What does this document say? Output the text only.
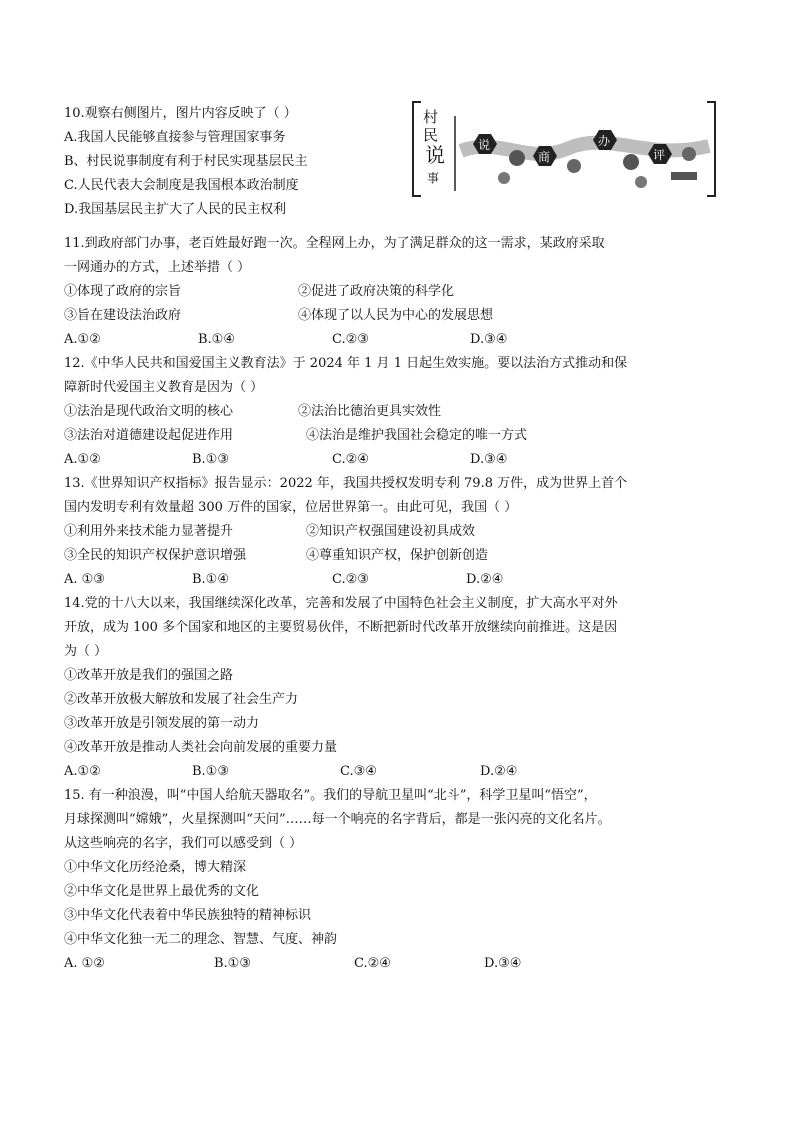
10.观察右侧图片，图片内容反映了（ ）
A.我国人民能够直接参与管理国家事务
B、村民说事制度有利于村民实现基层民主
C.人民代表大会制度是我国根本政治制度
D.我国基层民主扩大了人民的民主权利
村
民
说
事
说
商
办
评
11.到政府部门办事，老百姓最好跑一次。全程网上办，为了满足群众的这一需求，某政府采取
一网通办的方式，上述举措（ ）
①体现了政府的宗旨	②促进了政府决策的科学化
③旨在建设法治政府	④体现了以人民为中心的发展思想
A.①②	B.①④	C.②③	D.③④
12.《中华人民共和国爱国主义教育法》于 2024 年 1 月 1 日起生效实施。要以法治方式推动和保
障新时代爱国主义教育是因为（ ）
①法治是现代政治文明的核心	②法治比德治更具实效性
③法治对道德建设起促进作用	④法治是维护我国社会稳定的唯一方式
A.①②	B.①③	C.②④	D.③④
13.《世界知识产权指标》报告显示：2022 年，我国共授权发明专利 79.8 万件，成为世界上首个
国内发明专利有效量超 300 万件的国家，位居世界第一。由此可见，我国（ ）
①利用外来技术能力显著提升	②知识产权强国建设初具成效
③全民的知识产权保护意识增强	④尊重知识产权，保护创新创造
A. ①③	B.①④	C.②③	D.②④
14.党的十八大以来，我国继续深化改革，完善和发展了中国特色社会主义制度，扩大高水平对外
开放，成为 100 多个国家和地区的主要贸易伙伴，不断把新时代改革开放继续向前推进。这是因
为（ ）
①改革开放是我们的强国之路
②改革开放极大解放和发展了社会生产力
③改革开放是引领发展的第一动力
④改革开放是推动人类社会向前发展的重要力量
A.①②	B.①③	C.③④	D.②④
15. 有一种浪漫，叫“中国人给航天器取名”。我们的导航卫星叫“北斗”，科学卫星叫“悟空”，
月球探测叫“嫦娥”，火星探测叫“天问”……每一个响亮的名字背后，都是一张闪亮的文化名片。
从这些响亮的名字，我们可以感受到（ ）
①中华文化历经沧桑，博大精深
②中华文化是世界上最优秀的文化
③中华文化代表着中华民族独特的精神标识
④中华文化独一无二的理念、智慧、气度、神韵
A. ①②	B.①③	C.②④	D.③④
